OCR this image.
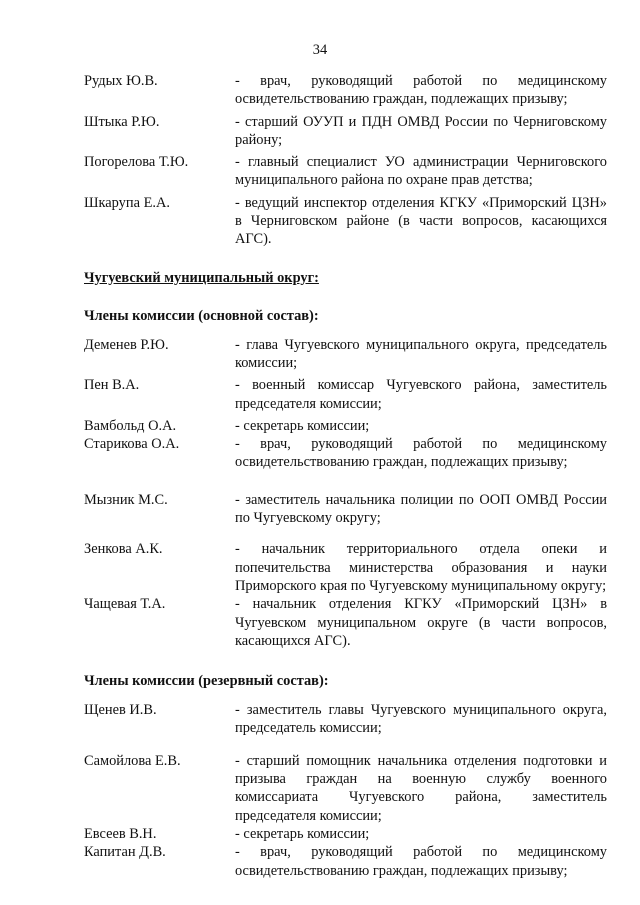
34
Рудых Ю.В.	- врач, руководящий работой по медицинскому освидетельствованию граждан, подлежащих призыву;
Штыка Р.Ю.	- старший ОУУП и ПДН ОМВД России по Черниговскому району;
Погорелова Т.Ю.	- главный специалист УО администрации Черниговского муниципального района по охране прав детства;
Шкарупа Е.А.	- ведущий инспектор отделения КГКУ «Приморский ЦЗН» в Черниговском районе (в части вопросов, касающихся АГС).
Чугуевский муниципальный округ:
Члены комиссии (основной состав):
Деменев Р.Ю.	- глава Чугуевского муниципального округа, председатель комиссии;
Пен В.А.	- военный комиссар Чугуевского района, заместитель председателя комиссии;
Вамбольд О.А.	- секретарь комиссии;
Старикова О.А.	- врач, руководящий работой по медицинскому освидетельствованию граждан, подлежащих призыву;
Мызник М.С.	- заместитель начальника полиции по ООП ОМВД России по Чугуевскому округу;
Зенкова А.К.	- начальник территориального отдела опеки и попечительства министерства образования и науки Приморского края по Чугуевскому муниципальному округу;
Чащевая Т.А.	- начальник отделения КГКУ «Приморский ЦЗН» в Чугуевском муниципальном округе (в части вопросов, касающихся АГС).
Члены комиссии (резервный состав):
Щенев И.В.	- заместитель главы Чугуевского муниципального округа, председатель комиссии;
Самойлова Е.В.	- старший помощник начальника отделения подготовки и призыва граждан на военную службу военного комиссариата Чугуевского района, заместитель председателя комиссии;
Евсеев В.Н.	- секретарь комиссии;
Капитан Д.В.	- врач, руководящий работой по медицинскому освидетельствованию граждан, подлежащих призыву;
